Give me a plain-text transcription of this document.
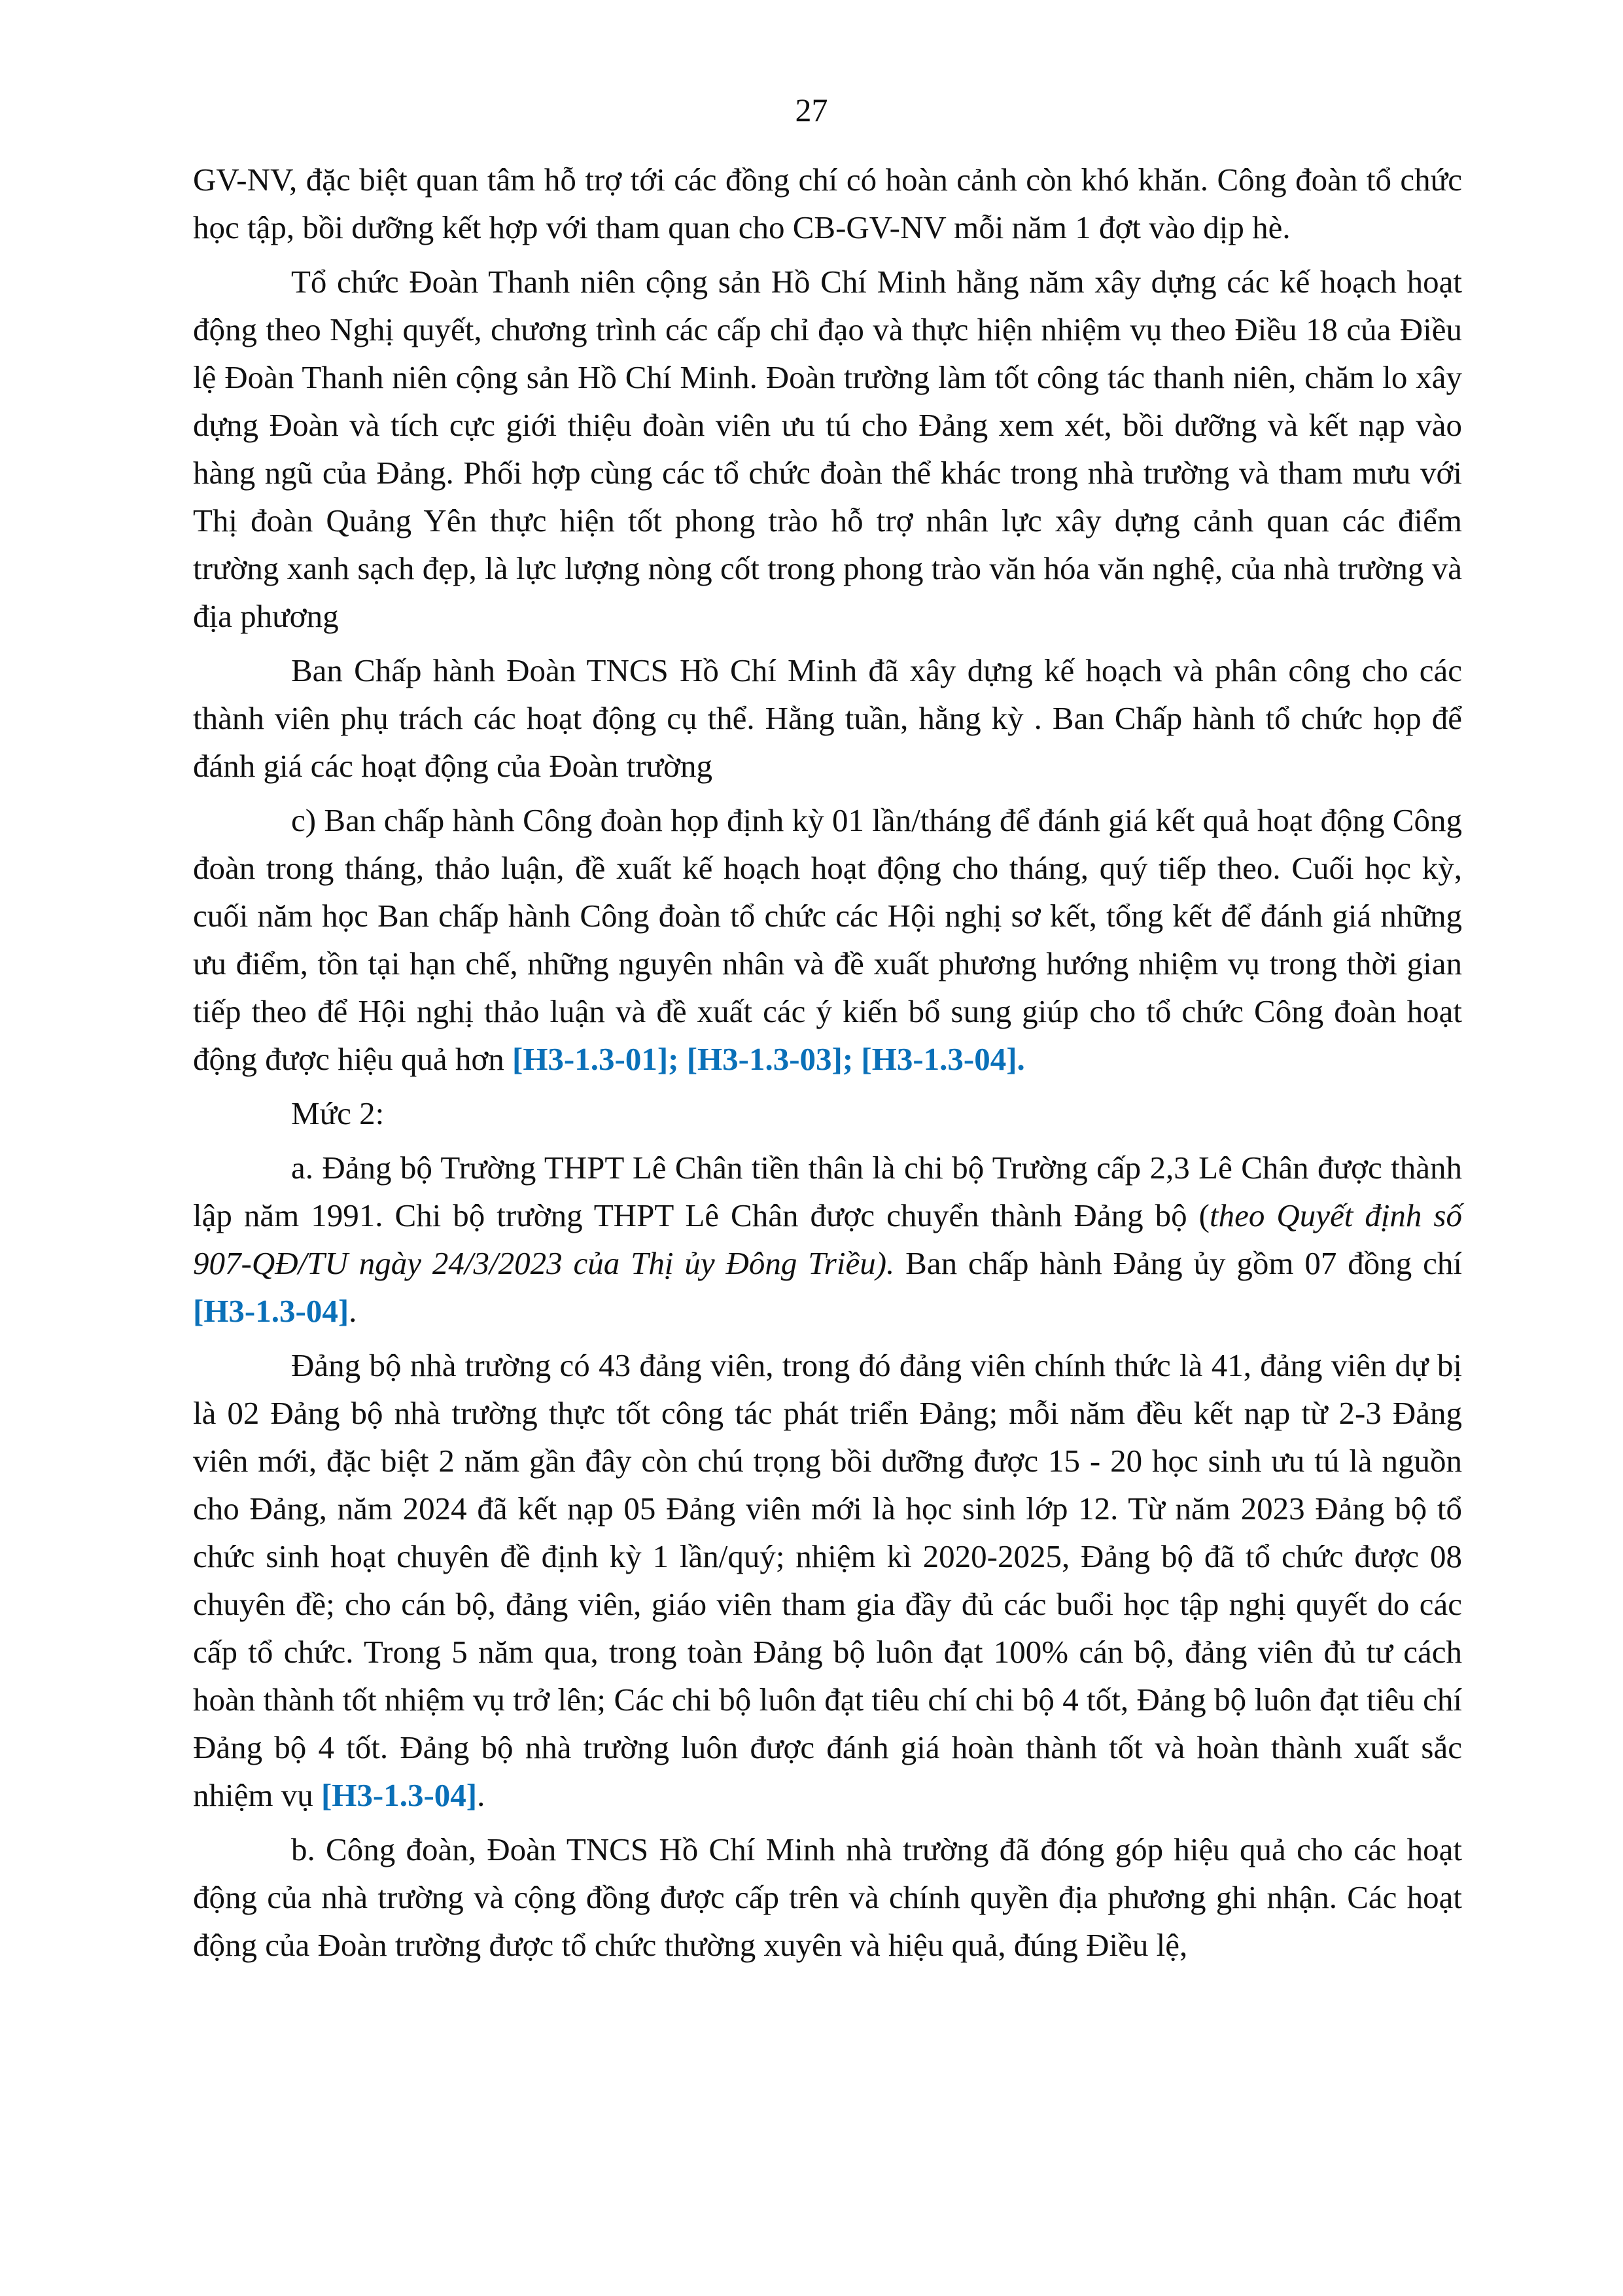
27

GV-NV, đặc biệt quan tâm hỗ trợ tới các đồng chí có hoàn cảnh còn khó khăn. Công đoàn tổ chức học tập, bồi dưỡng kết hợp với tham quan cho CB-GV-NV mỗi năm 1 đợt vào dịp hè.

Tổ chức Đoàn Thanh niên cộng sản Hồ Chí Minh hằng năm xây dựng các kế hoạch hoạt động theo Nghị quyết, chương trình các cấp chỉ đạo và thực hiện nhiệm vụ theo Điều 18 của Điều lệ Đoàn Thanh niên cộng sản Hồ Chí Minh. Đoàn trường làm tốt công tác thanh niên, chăm lo xây dựng Đoàn và tích cực giới thiệu đoàn viên ưu tú cho Đảng xem xét, bồi dưỡng và kết nạp vào hàng ngũ của Đảng. Phối hợp cùng các tổ chức đoàn thể khác trong nhà trường và tham mưu với Thị đoàn Quảng Yên thực hiện tốt phong trào hỗ trợ nhân lực xây dựng cảnh quan các điểm trường xanh sạch đẹp, là lực lượng nòng cốt trong phong trào văn hóa văn nghệ, của nhà trường và địa phương

Ban Chấp hành Đoàn TNCS Hồ Chí Minh đã xây dựng kế hoạch và phân công cho các thành viên phụ trách các hoạt động cụ thể. Hằng tuần, hằng kỳ . Ban Chấp hành tổ chức họp để đánh giá các hoạt động của Đoàn trường

c) Ban chấp hành Công đoàn họp định kỳ 01 lần/tháng để đánh giá kết quả hoạt động Công đoàn trong tháng, thảo luận, đề xuất kế hoạch hoạt động cho tháng, quý tiếp theo. Cuối học kỳ, cuối năm học Ban chấp hành Công đoàn tổ chức các Hội nghị sơ kết, tổng kết để đánh giá những ưu điểm, tồn tại hạn chế, những nguyên nhân và đề xuất phương hướng nhiệm vụ trong thời gian tiếp theo để Hội nghị thảo luận và đề xuất các ý kiến bổ sung giúp cho tổ chức Công đoàn hoạt động được hiệu quả hơn [H3-1.3-01]; [H3-1.3-03]; [H3-1.3-04].

Mức 2:

a. Đảng bộ Trường THPT Lê Chân tiền thân là chi bộ Trường cấp 2,3 Lê Chân được thành lập năm 1991. Chi bộ trường THPT Lê Chân được chuyển thành Đảng bộ (theo Quyết định số 907-QĐ/TU ngày 24/3/2023 của Thị ủy Đông Triều). Ban chấp hành Đảng ủy gồm 07 đồng chí [H3-1.3-04].

Đảng bộ nhà trường có 43 đảng viên, trong đó đảng viên chính thức là 41, đảng viên dự bị là 02 Đảng bộ nhà trường thực tốt công tác phát triển Đảng; mỗi năm đều kết nạp từ 2-3 Đảng viên mới, đặc biệt 2 năm gần đây còn chú trọng bồi dưỡng được 15 - 20 học sinh ưu tú là nguồn cho Đảng, năm 2024 đã kết nạp 05 Đảng viên mới là học sinh lớp 12. Từ năm 2023 Đảng bộ tổ chức sinh hoạt chuyên đề định kỳ 1 lần/quý; nhiệm kì 2020-2025, Đảng bộ đã tổ chức được 08 chuyên đề; cho cán bộ, đảng viên, giáo viên tham gia đầy đủ các buổi học tập nghị quyết do các cấp tổ chức. Trong 5 năm qua, trong toàn Đảng bộ luôn đạt 100% cán bộ, đảng viên đủ tư cách hoàn thành tốt nhiệm vụ trở lên; Các chi bộ luôn đạt tiêu chí chi bộ 4 tốt, Đảng bộ luôn đạt tiêu chí Đảng bộ 4 tốt. Đảng bộ nhà trường luôn được đánh giá hoàn thành tốt và hoàn thành xuất sắc nhiệm vụ [H3-1.3-04].

b. Công đoàn, Đoàn TNCS Hồ Chí Minh nhà trường đã đóng góp hiệu quả cho các hoạt động của nhà trường và cộng đồng được cấp trên và chính quyền địa phương ghi nhận. Các hoạt động của Đoàn trường được tổ chức thường xuyên và hiệu quả, đúng Điều lệ,
